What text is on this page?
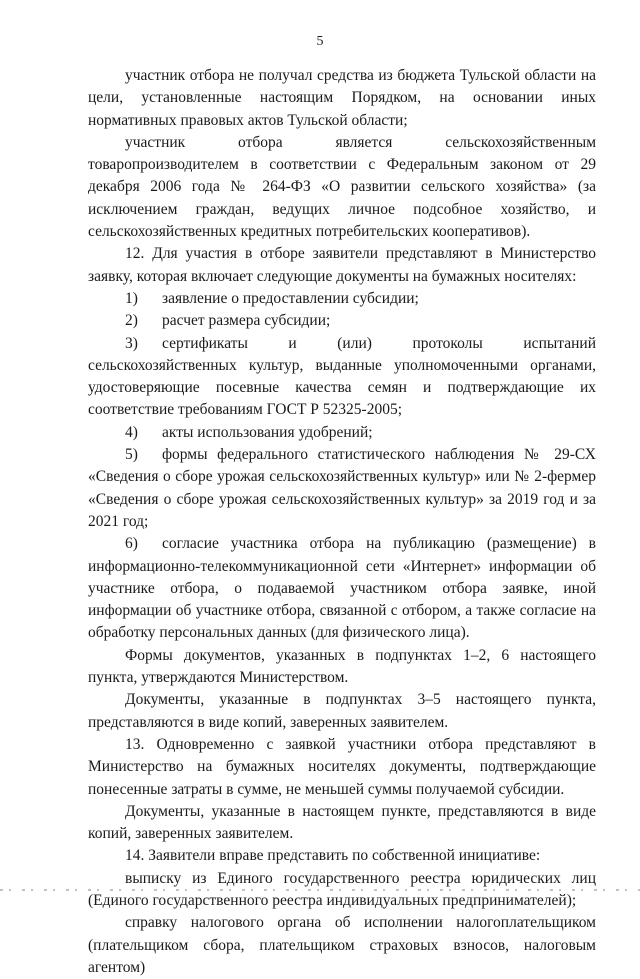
5

участник отбора не получал средства из бюджета Тульской области на цели, установленные настоящим Порядком, на основании иных нормативных правовых актов Тульской области;

участник отбора является сельскохозяйственным товаропроизводителем в соответствии с Федеральным законом от 29 декабря 2006 года № 264-ФЗ «О развитии сельского хозяйства» (за исключением граждан, ведущих личное подсобное хозяйство, и сельскохозяйственных кредитных потребительских кооперативов).

12. Для участия в отборе заявители представляют в Министерство заявку, которая включает следующие документы на бумажных носителях:

1)	заявление о предоставлении субсидии;
2)	расчет размера субсидии;
3)	сертификаты и (или) протоколы испытаний

сельскохозяйственных культур, выданные уполномоченными органами, удостоверяющие посевные качества семян и подтверждающие их соответствие требованиям ГОСТ Р 52325-2005;

4)	акты использования удобрений;
5)	формы федерального статистического наблюдения № 29-СХ

«Сведения о сборе урожая сельскохозяйственных культур» или № 2-фермер «Сведения о сборе урожая сельскохозяйственных культур» за 2019 год и за 2021 год;

6)	согласие участника отбора на публикацию (размещение) в

информационно-телекоммуникационной сети «Интернет» информации об участнике отбора, о подаваемой участником отбора заявке, иной информации об участнике отбора, связанной с отбором, а также согласие на обработку персональных данных (для физического лица).

Формы документов, указанных в подпунктах 1–2, 6 настоящего пункта, утверждаются Министерством.

Документы, указанные в подпунктах 3–5 настоящего пункта, представляются в виде копий, заверенных заявителем.

13. Одновременно с заявкой участники отбора представляют в Министерство на бумажных носителях документы, подтверждающие понесенные затраты в сумме, не меньшей суммы получаемой субсидии.

Документы, указанные в настоящем пункте, представляются в виде копий, заверенных заявителем.

14. Заявители вправе представить по собственной инициативе:

выписку из Единого государственного реестра юридических лиц (Единого государственного реестра индивидуальных предпринимателей);

справку налогового органа об исполнении налогоплательщиком (плательщиком сбора, плательщиком страховых взносов, налоговым агентом)
